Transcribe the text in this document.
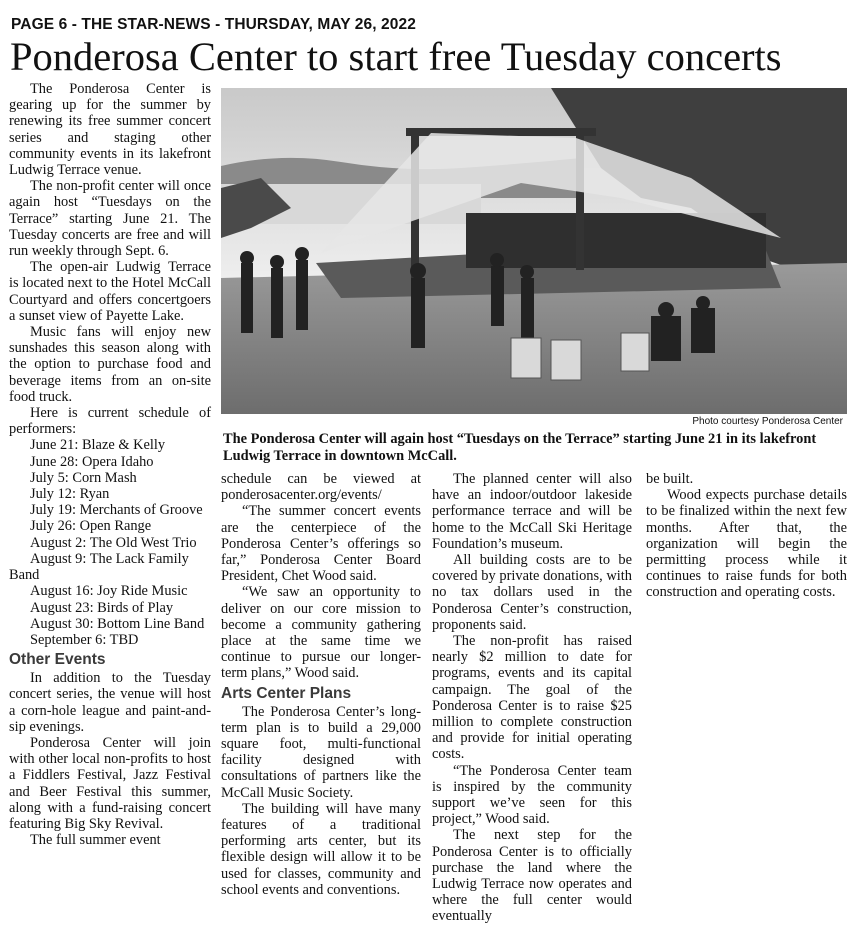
PAGE 6 - THE STAR-NEWS - THURSDAY, MAY 26, 2022
Ponderosa Center to start free Tuesday concerts
Photo courtesy Ponderosa Center
The Ponderosa Center will again host “Tuesdays on the Terrace” starting June 21 in its lakefront Ludwig Terrace in downtown McCall.

The Ponderosa Center is gearing up for the summer by renewing its free summer concert series and staging other community events in its lakefront Ludwig Terrace venue.

The non-profit center will once again host “Tuesdays on the Terrace” starting June 21. The Tuesday concerts are free and will run weekly through Sept. 6.

The open-air Ludwig Terrace is located next to the Hotel McCall Courtyard and offers concertgoers a sunset view of Payette Lake.

Music fans will enjoy new sunshades this season along with the option to purchase food and beverage items from an on-site food truck.

Here is current schedule of performers:

June 21: Blaze & Kelly

June 28: Opera Idaho

July 5: Corn Mash

July 12: Ryan

July 19: Merchants of Groove

July 26: Open Range

August 2: The Old West Trio

August 9: The Lack Family Band

August 16: Joy Ride Music

August 23: Birds of Play

August 30: Bottom Line Band

September 6: TBD

Other Events

In addition to the Tuesday concert series, the venue will host a corn-hole league and paint-and-sip evenings.

Ponderosa Center will join with other local non-profits to host a Fiddlers Festival, Jazz Festival and Beer Festival this summer, along with a fund-raising concert featuring Big Sky Revival.

The full summer event

schedule can be viewed at ponderosacenter.org/events/

“The summer concert events are the centerpiece of the Ponderosa Center’s offerings so far,” Ponderosa Center Board President, Chet Wood said.

“We saw an opportunity to deliver on our core mission to become a community gathering place at the same time we continue to pursue our longer-term plans,” Wood said.

Arts Center Plans

The Ponderosa Center’s long-term plan is to build a 29,000 square foot, multi-functional facility designed with consultations of partners like the McCall Music Society.

The building will have many features of a traditional performing arts center, but its flexible design will allow it to be used for classes, community and school events and conventions.

The planned center will also have an indoor/outdoor lakeside performance terrace and will be home to the McCall Ski Heritage Foundation’s museum.

All building costs are to be covered by private donations, with no tax dollars used in the Ponderosa Center’s construction, proponents said.

The non-profit has raised nearly $2 million to date for programs, events and its capital campaign. The goal of the Ponderosa Center is to raise $25 million to complete construction and provide for initial operating costs.

“The Ponderosa Center team is inspired by the community support we’ve seen for this project,” Wood said.

The next step for the Ponderosa Center is to officially purchase the land where the Ludwig Terrace now operates and where the full center would eventually

be built.

Wood expects purchase details to be finalized within the next few months. After that, the organization will begin the permitting process while it continues to raise funds for both construction and operating costs.
